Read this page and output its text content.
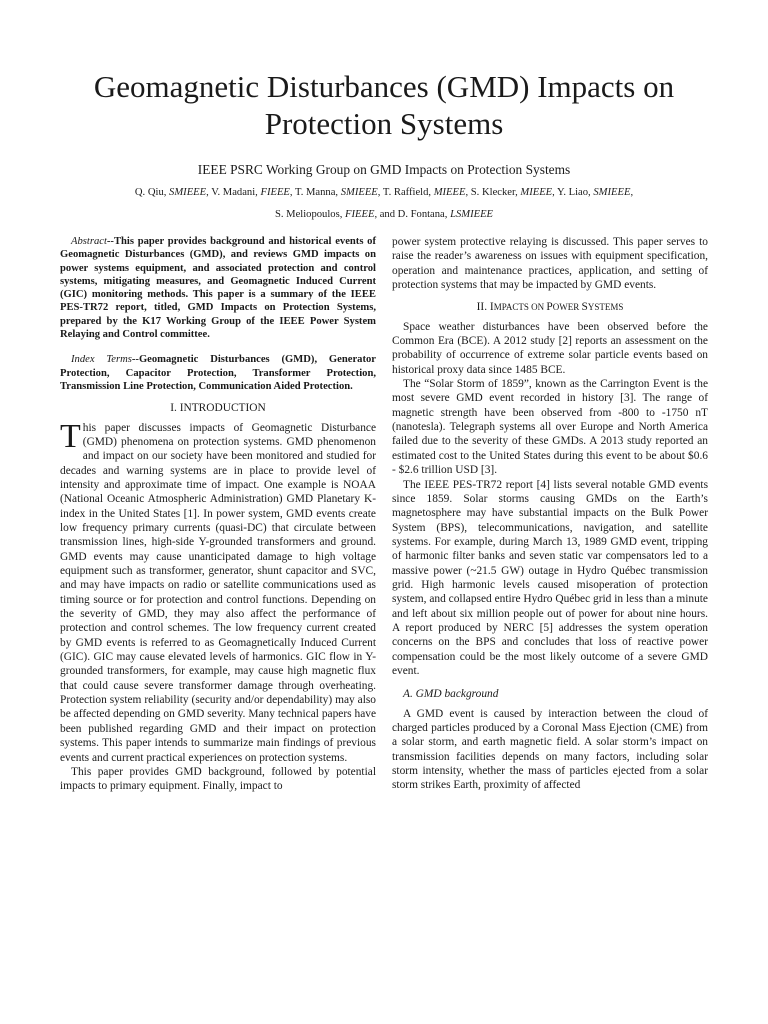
Geomagnetic Disturbances (GMD) Impacts on Protection Systems
IEEE PSRC Working Group on GMD Impacts on Protection Systems
Q. Qiu, SMIEEE, V. Madani, FIEEE, T. Manna, SMIEEE, T. Raffield, MIEEE, S. Klecker, MIEEE, Y. Liao, SMIEEE,
S. Meliopoulos, FIEEE, and D. Fontana, LSMIEEE
Abstract--This paper provides background and historical events of Geomagnetic Disturbances (GMD), and reviews GMD impacts on power systems equipment, and associated protection and control systems, mitigating measures, and Geomagnetic Induced Current (GIC) monitoring methods. This paper is a summary of the IEEE PES-TR72 report, titled, GMD Impacts on Protection Systems, prepared by the K17 Working Group of the IEEE Power System Relaying and Control committee.
Index Terms--Geomagnetic Disturbances (GMD), Generator Protection, Capacitor Protection, Transformer Protection, Transmission Line Protection, Communication Aided Protection.
I. INTRODUCTION

This paper discusses impacts of Geomagnetic Disturbance (GMD) phenomena on protection systems. GMD phenomenon and impact on our society have been monitored and studied for decades and warning systems are in place to provide level of intensity and approximate time of impact. One example is NOAA (National Oceanic Atmospheric Administration) GMD Planetary K-index in the United States [1]. In power system, GMD events create low frequency primary currents (quasi-DC) that circulate between transmission lines, high-side Y-grounded transformers and ground. GMD events may cause unanticipated damage to high voltage equipment such as transformer, generator, shunt capacitor and SVC, and may have impacts on radio or satellite communications used as timing source or for protection and control functions. Depending on the severity of GMD, they may also affect the performance of protection and control schemes. The low frequency current created by GMD events is referred to as Geomagnetically Induced Current (GIC). GIC may cause elevated levels of harmonics. GIC flow in Y-grounded transformers, for example, may cause high magnetic flux that could cause severe transformer damage through overheating. Protection system reliability (security and/or dependability) may also be affected depending on GMD severity. Many technical papers have been published regarding GMD and their impact on protection systems. This paper intends to summarize main findings of previous events and current practical experiences on protection systems.

This paper provides GMD background, followed by potential impacts to primary equipment. Finally, impact to

power system protective relaying is discussed. This paper serves to raise the reader’s awareness on issues with equipment specification, operation and maintenance practices, application, and setting of protection systems that may be impacted by GMD events.

II. IMPACTS ON POWER SYSTEMS

Space weather disturbances have been observed before the Common Era (BCE). A 2012 study [2] reports an assessment on the probability of occurrence of extreme solar particle events based on historical proxy data since 1485 BCE.

The “Solar Storm of 1859”, known as the Carrington Event is the most severe GMD event recorded in history [3]. The range of magnetic strength have been observed from -800 to -1750 nT (nanotesla). Telegraph systems all over Europe and North America failed due to the severity of these GMDs. A 2013 study reported an estimated cost to the United States during this event to be about $0.6 - $2.6 trillion USD [3].

The IEEE PES-TR72 report [4] lists several notable GMD events since 1859. Solar storms causing GMDs on the Earth’s magnetosphere may have substantial impacts on the Bulk Power System (BPS), telecommunications, navigation, and satellite systems. For example, during March 13, 1989 GMD event, tripping of harmonic filter banks and seven static var compensators led to a massive power (~21.5 GW) outage in Hydro Québec transmission grid. High harmonic levels caused misoperation of protection system, and collapsed entire Hydro Québec grid in less than a minute and left about six million people out of power for about nine hours. A report produced by NERC [5] addresses the system operation concerns on the BPS and concludes that loss of reactive power compensation could be the most likely outcome of a severe GMD event.

A. GMD background

A GMD event is caused by interaction between the cloud of charged particles produced by a Coronal Mass Ejection (CME) from a solar storm, and earth magnetic field. A solar storm’s impact on transmission facilities depends on many factors, including solar storm intensity, whether the mass of particles ejected from a solar storm strikes Earth, proximity of affected
